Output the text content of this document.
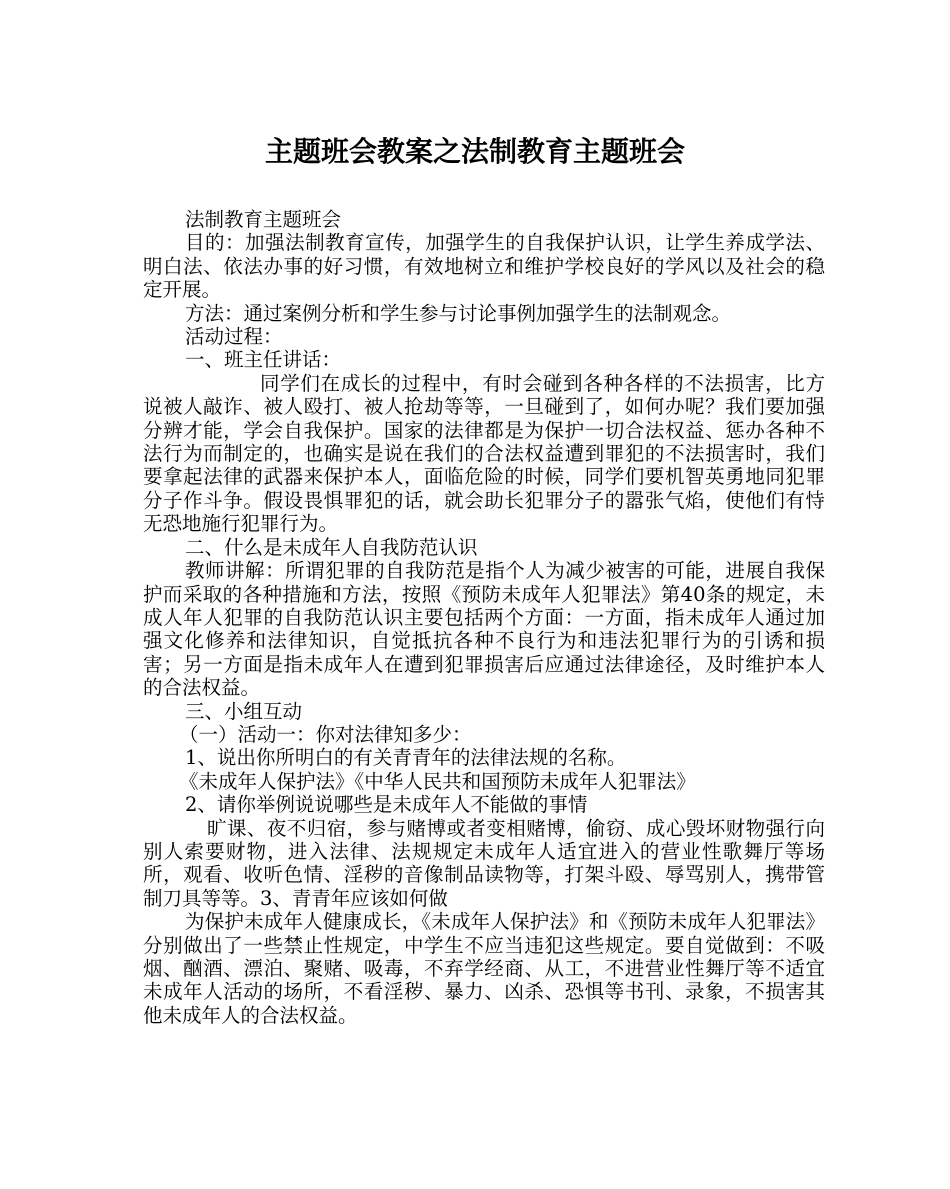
主题班会教案之法制教育主题班会

法制教育主题班会

目的：加强法制教育宣传，加强学生的自我保护认识，让学生养成学法、明白法、依法办事的好习惯，有效地树立和维护学校良好的学风以及社会的稳定开展。

方法：通过案例分析和学生参与讨论事例加强学生的法制观念。

活动过程：

一、班主任讲话：

同学们在成长的过程中，有时会碰到各种各样的不法损害，比方说被人敲诈、被人殴打、被人抢劫等等，一旦碰到了，如何办呢？我们要加强分辨才能，学会自我保护。国家的法律都是为保护一切合法权益、惩办各种不法行为而制定的，也确实是说在我们的合法权益遭到罪犯的不法损害时，我们要拿起法律的武器来保护本人，面临危险的时候，同学们要机智英勇地同犯罪分子作斗争。假设畏惧罪犯的话，就会助长犯罪分子的嚣张气焰，使他们有恃无恐地施行犯罪行为。

二、什么是未成年人自我防范认识

教师讲解：所谓犯罪的自我防范是指个人为减少被害的可能，进展自我保护而采取的各种措施和方法，按照《预防未成年人犯罪法》第40条的规定，未成人年人犯罪的自我防范认识主要包括两个方面：一方面，指未成年人通过加强文化修养和法律知识，自觉抵抗各种不良行为和违法犯罪行为的引诱和损害；另一方面是指未成年人在遭到犯罪损害后应通过法律途径，及时维护本人的合法权益。

三、小组互动

（一）活动一：你对法律知多少：

1、说出你所明白的有关青青年的法律法规的名称。

《未成年人保护法》《中华人民共和国预防未成年人犯罪法》

2、请你举例说说哪些是未成年人不能做的事情

旷课、夜不归宿，参与赌博或者变相赌博，偷窃、成心毁坏财物强行向别人索要财物，进入法律、法规规定未成年人适宜进入的营业性歌舞厅等场所，观看、收听色情、淫秽的音像制品读物等，打架斗殴、辱骂别人，携带管制刀具等等。3、青青年应该如何做

为保护未成年人健康成长，《未成年人保护法》和《预防未成年人犯罪法》分别做出了一些禁止性规定，中学生不应当违犯这些规定。要自觉做到：不吸烟、酗酒、漂泊、聚赌、吸毒，不弃学经商、从工，不进营业性舞厅等不适宜未成年人活动的场所，不看淫秽、暴力、凶杀、恐惧等书刊、录象，不损害其他未成年人的合法权益。
